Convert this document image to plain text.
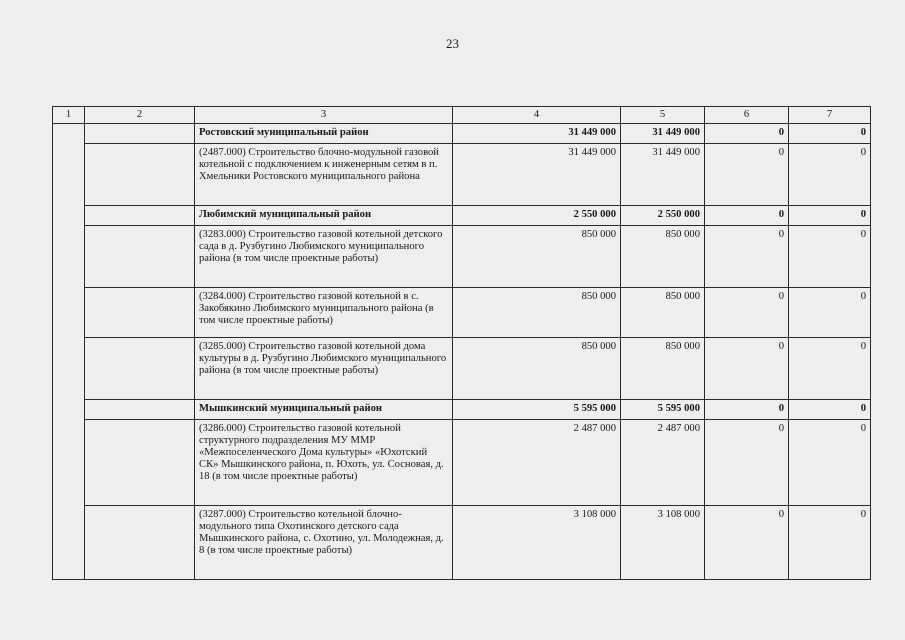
23
1	2	3	4	5	6	7
		Ростовский муниципальный район	31 449 000	31 449 000	0	0
		(2487.000) Строительство блочно-модульной газовой котельной с подключением к инженерным сетям в п. Хмельники Ростовского муниципального района	31 449 000	31 449 000	0	0
		Любимский муниципальный район	2 550 000	2 550 000	0	0
		(3283.000) Строительство газовой котельной детского сада в д. Рузбугино Любимского муниципального района (в том числе проектные работы)	850 000	850 000	0	0
		(3284.000) Строительство газовой котельной в с. Закобякино Любимского муниципального района (в том числе проектные работы)	850 000	850 000	0	0
		(3285.000) Строительство газовой котельной дома культуры в д. Рузбугино Любимского муниципального района (в том числе проектные работы)	850 000	850 000	0	0
		Мышкинский муниципальный район	5 595 000	5 595 000	0	0
		(3286.000) Строительство газовой котельной структурного подразделения МУ ММР «Межпоселенческого Дома культуры» «Юхотский СК» Мышкинского района, п. Юхоть, ул. Сосновая, д. 18 (в том числе проектные работы)	2 487 000	2 487 000	0	0
		(3287.000) Строительство котельной блочно-модульного типа Охотинского детского сада Мышкинского района, с. Охотино, ул. Молодежная, д. 8 (в том числе проектные работы)	3 108 000	3 108 000	0	0
